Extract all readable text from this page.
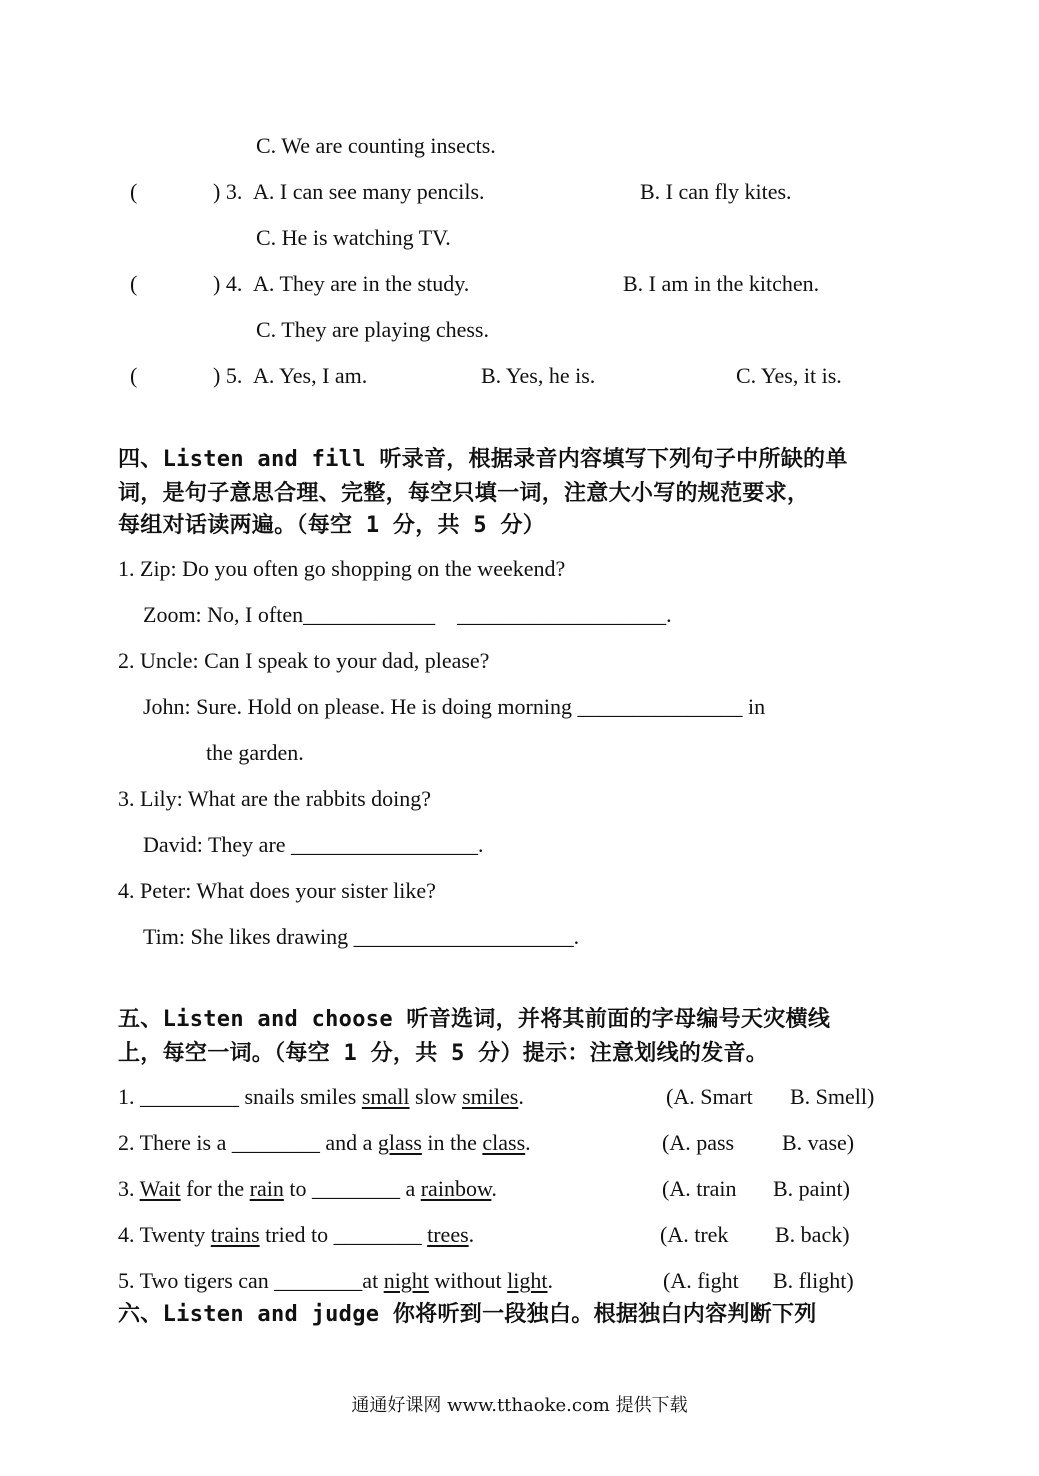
C. We are counting insects.
(	) 3. A. I can see many pencils.	B. I can fly kites.
C. He is watching TV.
(	) 4. A. They are in the study.	B. I am in the kitchen.
C. They are playing chess.
(	) 5. A. Yes, I am.	B. Yes, he is.	C. Yes, it is.
四、Listen and fill 听录音，根据录音内容填写下列句子中所缺的单
词，是句子意思合理、完整，每空只填一词，注意大小写的规范要求，
每组对话读两遍。（每空 1 分，共 5 分）
1. Zip: Do you often go shopping on the weekend?
Zoom: No, I often____________    ___________________.
2. Uncle: Can I speak to your dad, please?
John: Sure. Hold on please. He is doing morning _______________ in
the garden.
3. Lily: What are the rabbits doing?
David: They are _________________.
4. Peter: What does your sister like?
Tim: She likes drawing ____________________.
五、Listen and choose 听音选词，并将其前面的字母编号天灾横线
上，每空一词。（每空 1 分，共 5 分）提示：注意划线的发音。
1. _________ snails smiles small slow smiles.	(A. Smart B. Smell)
2. There is a ________ and a glass in the class.	(A. pass B. vase)
3. Wait for the rain to ________ a rainbow.	(A. train B. paint)
4. Twenty trains tried to ________ trees.	(A. trek B. back)
5. Two tigers can ________at night without light.	(A. fight B. flight)
六、Listen and judge 你将听到一段独白。根据独白内容判断下列
通通好课网 www.tthaoke.com 提供下载
